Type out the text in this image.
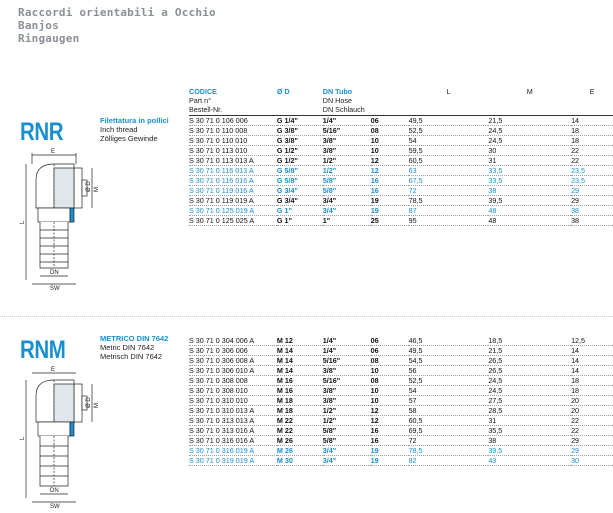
Raccordi orientabili a Occhio
Banjos
Ringaugen
RNR	Filettatura in pollici
Inch thread
Zölliges Gewinde
E
Ø D M
L
DN
SW
CODICE	Ø D	DN Tubo		L	M	E
Part n°		DN Hose				
Bestell-Nr.		DN Schlauch				
S 30 71 0 106 006	G 1/4"	1/4"	06	49,5	21,5	14
S 30 71 0 110 008	G 3/8"	5/16"	08	52,5	24,5	18
S 30 71 0 110 010	G 3/8"	3/8"	10	54	24,5	18
S 30 71 0 113 010	G 1/2"	3/8"	10	59,5	30	22
S 30 71 0 113 013 A	G 1/2"	1/2"	12	60,5	31	22
S 30 71 0 116 013 A	G 5/8"	1/2"	12	63	33,5	23,5
S 30 71 0 116 016 A	G 5/8"	5/8"	16	67,5	33,5	23,5
S 30 71 0 119 016 A	G 3/4"	5/8"	16	72	38	29
S 30 71 0 119 019 A	G 3/4"	3/4"	19	78,5	39,5	29
S 30 71 0 125 019 A	G 1"	3/4"	19	87	48	38
S 30 71 0 125 025 A	G 1"	1"	25	95	48	38
RNM	METRICO DIN 7642
Metric DIN 7642
Metrisch DIN 7642
E
Ø D M
L
DN
SW
S 30 71 0 304 006 A	M 12	1/4"	06	46,5	18,5	12,5
S 30 71 0 306 006	M 14	1/4"	06	49,5	21,5	14
S 30 71 0 306 008 A	M 14	5/16"	08	54,5	26,5	14
S 30 71 0 306 010 A	M 14	3/8"	10	56	26,5	14
S 30 71 0 308 008	M 16	5/16"	08	52,5	24,5	18
S 30 71 0 308 010	M 16	3/8"	10	54	24,5	18
S 30 71 0 310 010	M 18	3/8"	10	57	27,5	20
S 30 71 0 310 013 A	M 18	1/2"	12	58	28,5	20
S 30 71 0 313 013 A	M 22	1/2"	12	60,5	31	22
S 30 71 0 313 016 A	M 22	5/8"	16	69,5	35,5	22
S 30 71 0 316 016 A	M 26	5/8"	16	72	38	29
S 30 71 0 316 019 A	M 26	3/4"	19	78,5	39,5	29
S 30 71 0 319 019 A	M 30	3/4"	19	82	43	30
